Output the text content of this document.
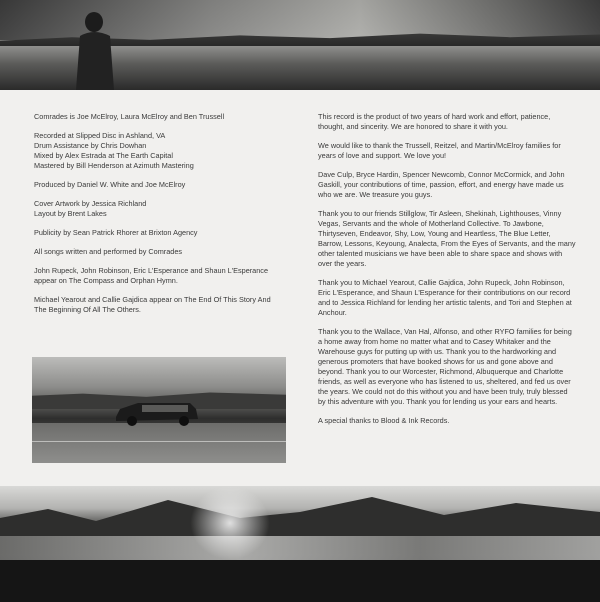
Comrades is Joe McElroy, Laura McElroy and Ben Trussell

Recorded at Slipped Disc in Ashland, VA
Drum Assistance by Chris Dowhan
Mixed by Alex Estrada at The Earth Capital
Mastered by Bill Henderson at Azimuth Mastering

Produced by Daniel W. White and Joe McElroy

Cover Artwork by Jessica Richland
Layout by Brent Lakes

Publicity by Sean Patrick Rhorer at Brixton Agency

All songs written and performed by Comrades

John Rupeck, John Robinson, Eric L'Esperance and Shaun L'Esperance appear on The Compass and Orphan Hymn.

Michael Yearout and Callie Gajdica appear on The End Of This Story And The Beginning Of All The Others.

This record is the product of two years of hard work and effort, patience, thought, and sincerity. We are honored to share it with you.

We would like to thank the Trussell, Reitzel, and Martin/McElroy families for years of love and support. We love you!

Dave Culp, Bryce Hardin, Spencer Newcomb, Connor McCormick, and John Gaskill, your contributions of time, passion, effort, and energy have made us who we are. We treasure you guys.

Thank you to our friends Stillglow, Tir Asleen, Shekinah, Lighthouses, Vinny Vegas, Servants and the whole of Motherland Collective. To Jawbone, Thirtyseven, Endeavor, Shy, Low, Young and Heartless, The Blue Letter, Barrow, Lessons, Keyoung, Analecta, From the Eyes of Servants, and the many other talented musicians we have been able to share space and shows with over the years.

Thank you to Michael Yearout, Callie Gajdica, John Rupeck, John Robinson, Eric L'Esperance, and Shaun L'Esperance for their contributions on our record and to Jessica Richland for lending her artistic talents, and Tori and Stephen at Anchour.

Thank you to the Wallace, Van Hal, Alfonso, and other RYFO families for being a home away from home no matter what and to Casey Whitaker and the Warehouse guys for putting up with us. Thank you to the hardworking and generous promoters that have booked shows for us and gone above and beyond. Thank you to our Worcester, Richmond, Albuquerque and Charlotte friends, as well as everyone who has listened to us, sheltered, and fed us over the years. We could not do this without you and have been truly, truly blessed by this adventure with you. Thank you for lending us your ears and hearts.

A special thanks to Blood & Ink Records.
